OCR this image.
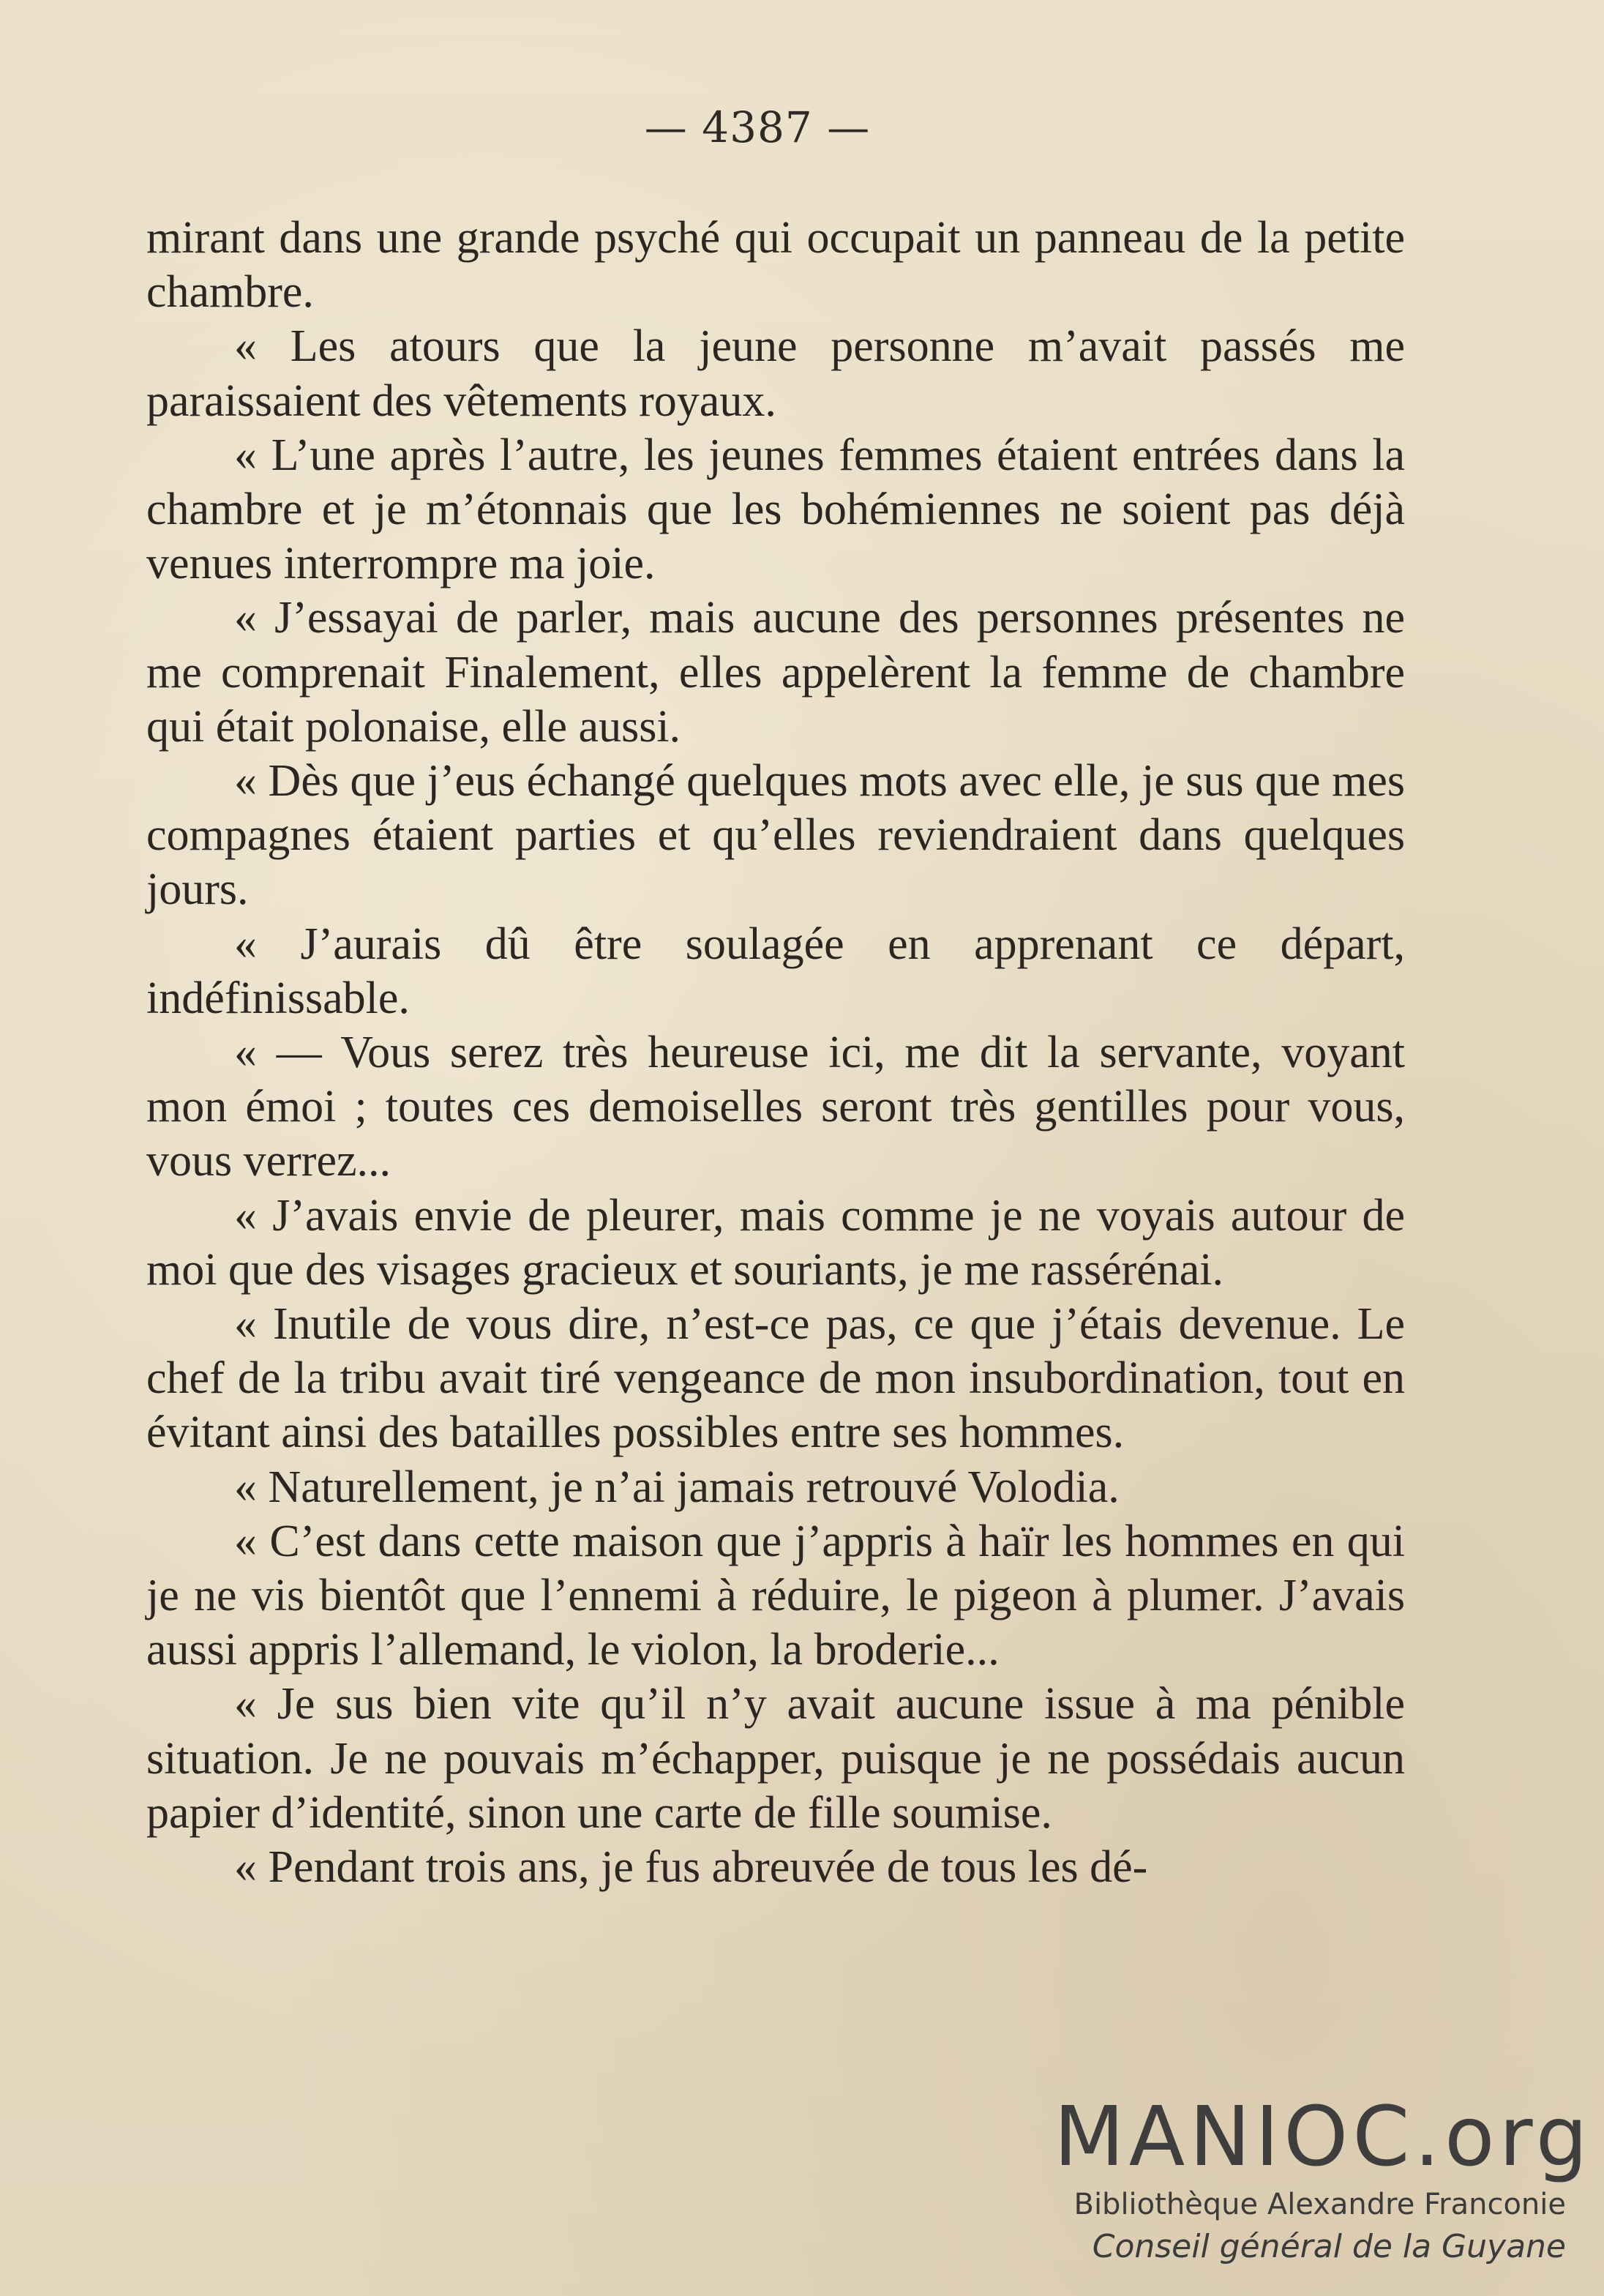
— 4387 —

mirant dans une grande psyché qui occupait un panneau de la petite chambre.

« Les atours que la jeune personne m’avait passés me paraissaient des vêtements royaux.

« L’une après l’autre, les jeunes femmes étaient entrées dans la chambre et je m’étonnais que les bohémiennes ne soient pas déjà venues interrompre ma joie.

« J’essayai de parler, mais aucune des personnes présentes ne me comprenait Finalement, elles appelèrent la femme de chambre qui était polonaise, elle aussi.

« Dès que j’eus échangé quelques mots avec elle, je sus que mes compagnes étaient parties et qu’elles reviendraient dans quelques jours.

« J’aurais dû être soulagée en apprenant ce départ, indéfinissable.

« — Vous serez très heureuse ici, me dit la servante, voyant mon émoi ; toutes ces demoiselles seront très gentilles pour vous, vous verrez...

« J’avais envie de pleurer, mais comme je ne voyais autour de moi que des visages gracieux et souriants, je me rassérénai.

« Inutile de vous dire, n’est-ce pas, ce que j’étais devenue. Le chef de la tribu avait tiré vengeance de mon insubordination, tout en évitant ainsi des batailles possibles entre ses hommes.

« Naturellement, je n’ai jamais retrouvé Volodia.

« C’est dans cette maison que j’appris à haïr les hommes en qui je ne vis bientôt que l’ennemi à réduire, le pigeon à plumer. J’avais aussi appris l’allemand, le violon, la broderie...

« Je sus bien vite qu’il n’y avait aucune issue à ma pénible situation. Je ne pouvais m’échapper, puisque je ne possédais aucun papier d’identité, sinon une carte de fille soumise.

« Pendant trois ans, je fus abreuvée de tous les dé-

MANIOC.org
Bibliothèque Alexandre Franconie
Conseil général de la Guyane
